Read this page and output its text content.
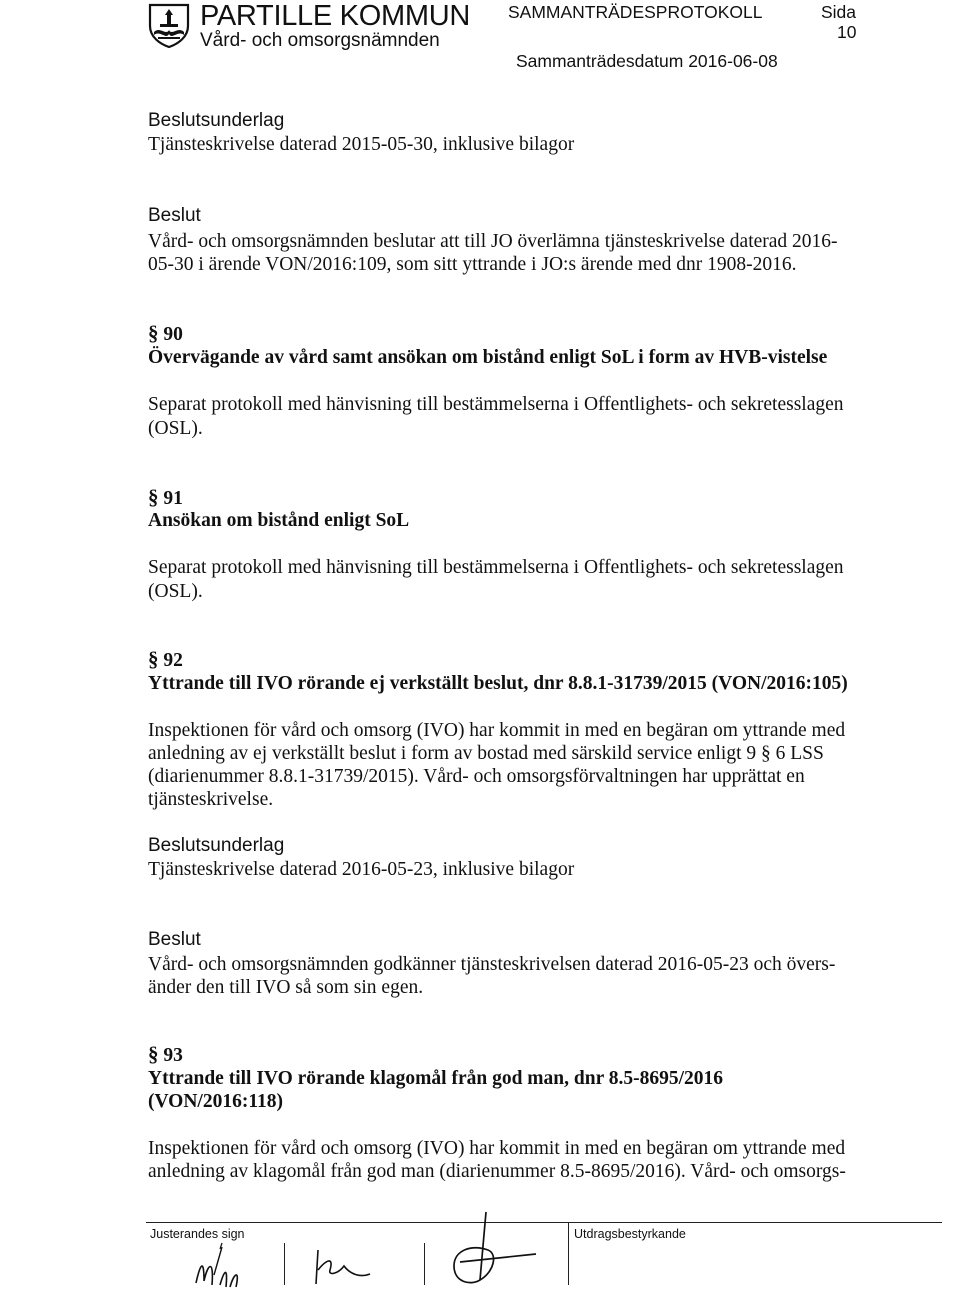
PARTILLE KOMMUN
Vård- och omsorgsnämnden
SAMMANTRÄDESPROTOKOLL	Sida
10
Sammanträdesdatum 2016-06-08
Beslutsunderlag
Tjänsteskrivelse daterad 2015-05-30, inklusive bilagor
Beslut
Vård- och omsorgsnämnden beslutar att till JO överlämna tjänsteskrivelse daterad 2016-
05-30 i ärende VON/2016:109, som sitt yttrande i JO:s ärende med dnr 1908-2016.
§ 90
Övervägande av vård samt ansökan om bistånd enligt SoL i form av HVB-vistelse
Separat protokoll med hänvisning till bestämmelserna i Offentlighets- och sekretesslagen
(OSL).
§ 91
Ansökan om bistånd enligt SoL
Separat protokoll med hänvisning till bestämmelserna i Offentlighets- och sekretesslagen
(OSL).
§ 92
Yttrande till IVO rörande ej verkställt beslut, dnr 8.8.1-31739/2015 (VON/2016:105)
Inspektionen för vård och omsorg (IVO) har kommit in med en begäran om yttrande med
anledning av ej verkställt beslut i form av bostad med särskild service enligt 9 § 6 LSS
(diarienummer 8.8.1-31739/2015). Vård- och omsorgsförvaltningen har upprättat en
tjänsteskrivelse.
Beslutsunderlag
Tjänsteskrivelse daterad 2016-05-23, inklusive bilagor
Beslut
Vård- och omsorgsnämnden godkänner tjänsteskrivelsen daterad 2016-05-23 och övers-
änder den till IVO så som sin egen.
§ 93
Yttrande till IVO rörande klagomål från god man, dnr 8.5-8695/2016
(VON/2016:118)
Inspektionen för vård och omsorg (IVO) har kommit in med en begäran om yttrande med
anledning av klagomål från god man (diarienummer 8.5-8695/2016). Vård- och omsorgs-
Justerandes sign	Utdragsbestyrkande
